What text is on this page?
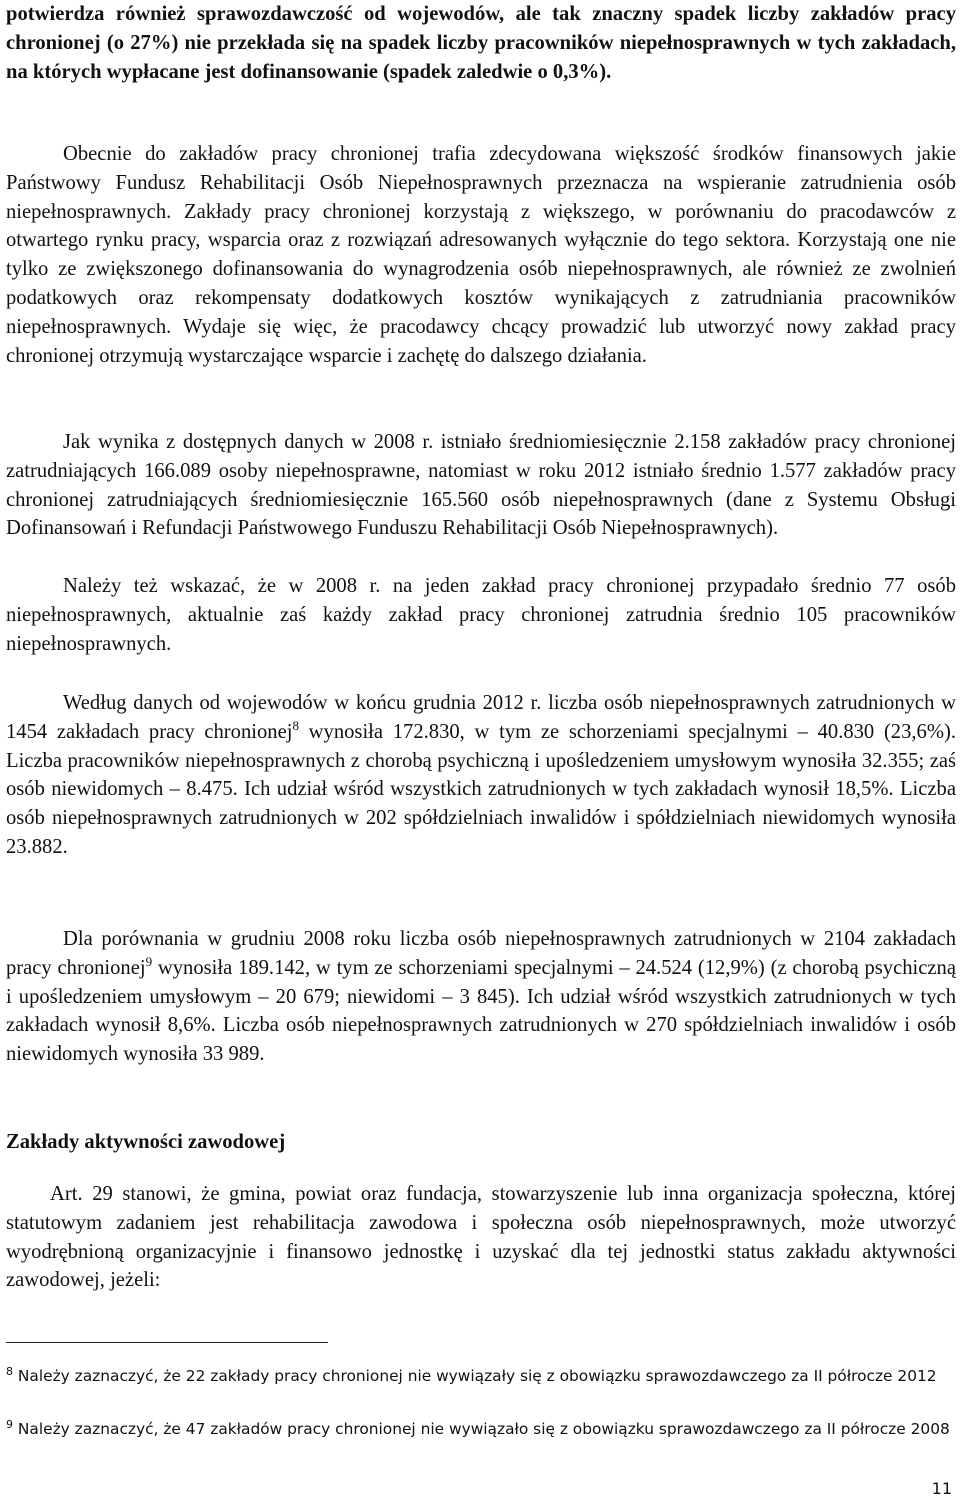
potwierdza również sprawozdawczość od wojewodów, ale tak znaczny spadek liczby zakładów pracy chronionej (o 27%) nie przekłada się na spadek liczby pracowników niepełnosprawnych w tych zakładach, na których wypłacane jest dofinansowanie (spadek zaledwie o 0,3%).

Obecnie do zakładów pracy chronionej trafia zdecydowana większość środków finansowych jakie Państwowy Fundusz Rehabilitacji Osób Niepełnosprawnych przeznacza na wspieranie zatrudnienia osób niepełnosprawnych. Zakłady pracy chronionej korzystają z większego, w porównaniu do pracodawców z otwartego rynku pracy, wsparcia oraz z rozwiązań adresowanych wyłącznie do tego sektora. Korzystają one nie tylko ze zwiększonego dofinansowania do wynagrodzenia osób niepełnosprawnych, ale również ze zwolnień podatkowych oraz rekompensaty dodatkowych kosztów wynikających z zatrudniania pracowników niepełnosprawnych. Wydaje się więc, że pracodawcy chcący prowadzić lub utworzyć nowy zakład pracy chronionej otrzymują wystarczające wsparcie i zachętę do dalszego działania.

Jak wynika z dostępnych danych w 2008 r. istniało średniomiesięcznie 2.158 zakładów pracy chronionej zatrudniających 166.089 osoby niepełnosprawne, natomiast w roku 2012 istniało średnio 1.577 zakładów pracy chronionej zatrudniających średniomiesięcznie 165.560 osób niepełnosprawnych (dane z Systemu Obsługi Dofinansowań i Refundacji Państwowego Funduszu Rehabilitacji Osób Niepełnosprawnych).

Należy też wskazać, że w 2008 r. na jeden zakład pracy chronionej przypadało średnio 77 osób niepełnosprawnych, aktualnie zaś każdy zakład pracy chronionej zatrudnia średnio 105 pracowników niepełnosprawnych.

Według danych od wojewodów w końcu grudnia 2012 r. liczba osób niepełnosprawnych zatrudnionych w 1454 zakładach pracy chronionej$^8$ wynosiła 172.830, w tym ze schorzeniami specjalnymi – 40.830 (23,6%). Liczba pracowników niepełnosprawnych z chorobą psychiczną i upośledzeniem umysłowym wynosiła 32.355; zaś osób niewidomych – 8.475. Ich udział wśród wszystkich zatrudnionych w tych zakładach wynosił 18,5%. Liczba osób niepełnosprawnych zatrudnionych w 202 spółdzielniach inwalidów i spółdzielniach niewidomych wynosiła 23.882.

Dla porównania w grudniu 2008 roku liczba osób niepełnosprawnych zatrudnionych w 2104 zakładach pracy chronionej$^9$ wynosiła 189.142, w tym ze schorzeniami specjalnymi – 24.524 (12,9%) (z chorobą psychiczną i upośledzeniem umysłowym – 20 679; niewidomi – 3 845). Ich udział wśród wszystkich zatrudnionych w tych zakładach wynosił 8,6%. Liczba osób niepełnosprawnych zatrudnionych w 270 spółdzielniach inwalidów i osób niewidomych wynosiła 33 989.

Zakłady aktywności zawodowej

Art. 29 stanowi, że gmina, powiat oraz fundacja, stowarzyszenie lub inna organizacja społeczna, której statutowym zadaniem jest rehabilitacja zawodowa i społeczna osób niepełnosprawnych, może utworzyć wyodrębnioną organizacyjnie i finansowo jednostkę i uzyskać dla tej jednostki status zakładu aktywności zawodowej, jeżeli:

$^8$ Należy zaznaczyć, że 22 zakłady pracy chronionej nie wywiązały się z obowiązku sprawozdawczego za II półrocze 2012

$^9$ Należy zaznaczyć, że 47 zakładów pracy chronionej nie wywiązało się z obowiązku sprawozdawczego za II półrocze 2008

11
